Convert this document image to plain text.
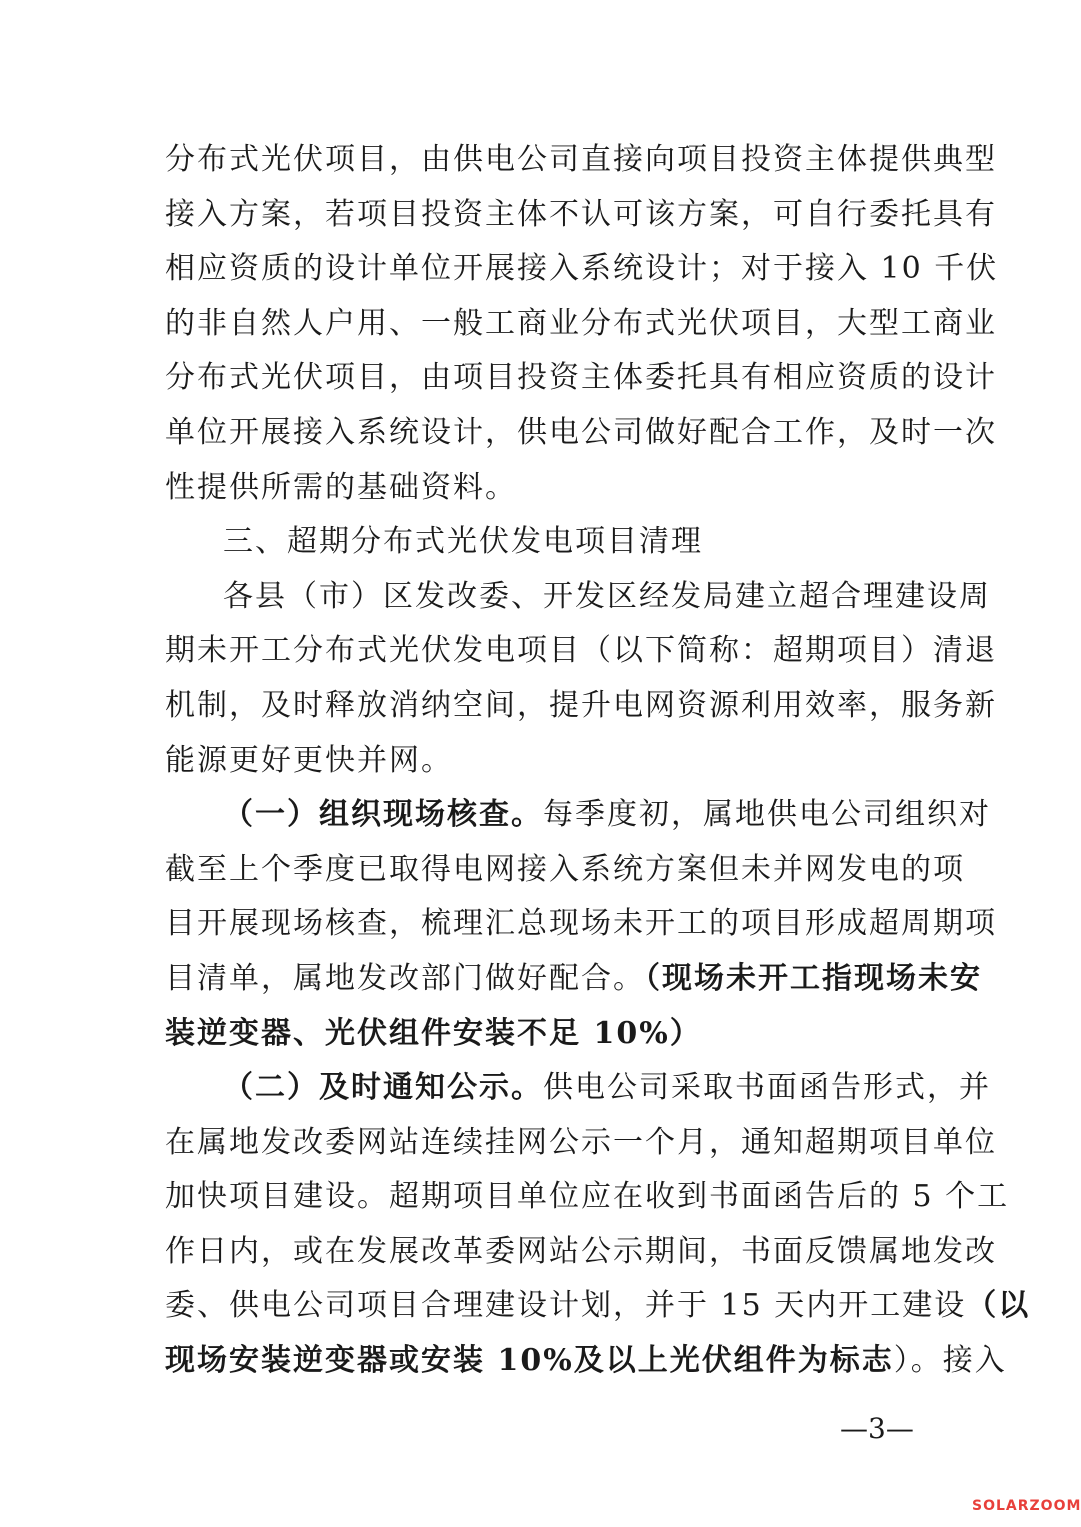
分布式光伏项目，由供电公司直接向项目投资主体提供典型
接入方案，若项目投资主体不认可该方案，可自行委托具有
相应资质的设计单位开展接入系统设计；对于接入 10 千伏
的非自然人户用、一般工商业分布式光伏项目，大型工商业
分布式光伏项目，由项目投资主体委托具有相应资质的设计
单位开展接入系统设计，供电公司做好配合工作，及时一次
性提供所需的基础资料。
三、超期分布式光伏发电项目清理
各县（市）区发改委、开发区经发局建立超合理建设周
期未开工分布式光伏发电项目（以下简称：超期项目）清退
机制，及时释放消纳空间，提升电网资源利用效率，服务新
能源更好更快并网。
（一）组织现场核查。每季度初，属地供电公司组织对
截至上个季度已取得电网接入系统方案但未并网发电的项
目开展现场核查，梳理汇总现场未开工的项目形成超周期项
目清单，属地发改部门做好配合。（现场未开工指现场未安
装逆变器、光伏组件安装不足 10%）
（二）及时通知公示。供电公司采取书面函告形式，并
在属地发改委网站连续挂网公示一个月，通知超期项目单位
加快项目建设。超期项目单位应在收到书面函告后的 5 个工
作日内，或在发展改革委网站公示期间，书面反馈属地发改
委、供电公司项目合理建设计划，并于 15 天内开工建设（以
现场安装逆变器或安装 10%及以上光伏组件为标志）。接入
—3—
SOLARZOOM
